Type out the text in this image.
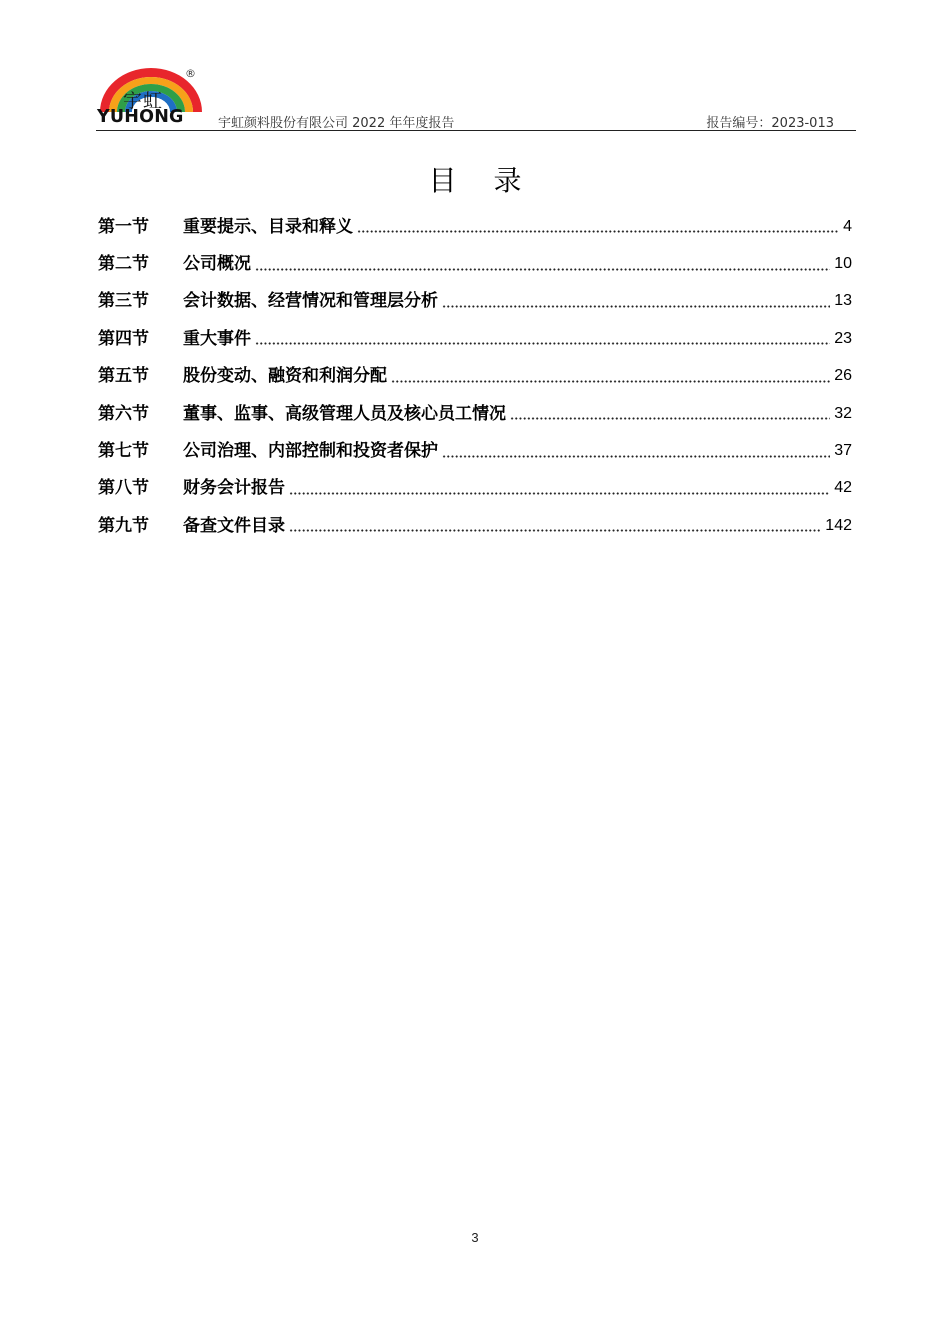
宇虹
YUHONG
®
宇虹颜料股份有限公司 2022 年年度报告	报告编号：2023-013
目 录
第一节	重要提示、目录和释义	4
第二节	公司概况	10
第三节	会计数据、经营情况和管理层分析	13
第四节	重大事件	23
第五节	股份变动、融资和利润分配	26
第六节	董事、监事、高级管理人员及核心员工情况	32
第七节	公司治理、内部控制和投资者保护	37
第八节	财务会计报告	42
第九节	备查文件目录	142
3
